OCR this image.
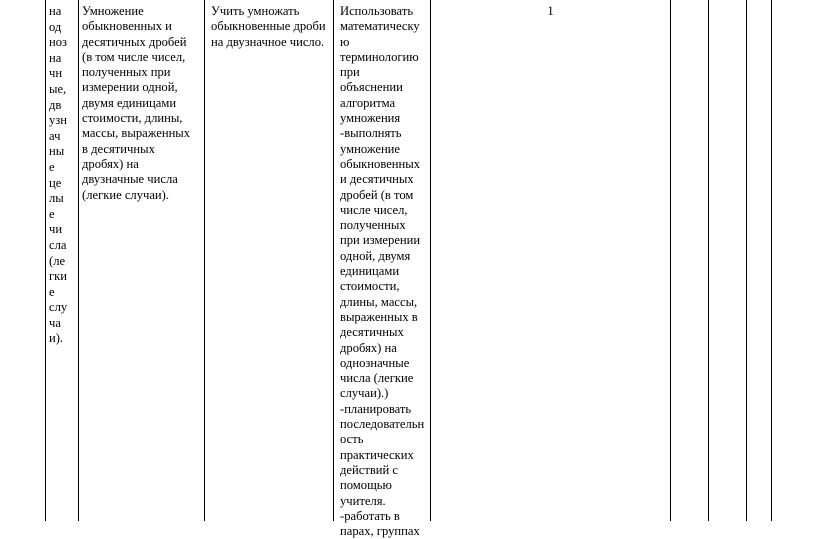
на
од
ноз
на
чн
ые,
дв
узн
ач
ны
е
це
лы
е
чи
сла
(ле
гки
е
слу
ча
и).
Умножение
обыкновенных и
десятичных дробей
(в том числе чисел,
полученных при
измерении одной,
двумя единицами
стоимости, длины,
массы, выраженных
в десятичных
дробях) на
двузначные числа
(легкие случаи).
Учить умножать
обыкновенные дроби
на двузначное число.
Использовать
математическу
ю
терминологию
при
объяснении
алгоритма
умножения
-выполнять
умножение
обыкновенных
и десятичных
дробей (в том
числе чисел,
полученных
при измерении
одной, двумя
единицами
стоимости,
длины, массы,
выраженных в
десятичных
дробях) на
однозначные
числа (легкие
случаи).)
-планировать
последовательн
ость
практических
действий с
помощью
учителя.
-работать в
парах, группах
1
